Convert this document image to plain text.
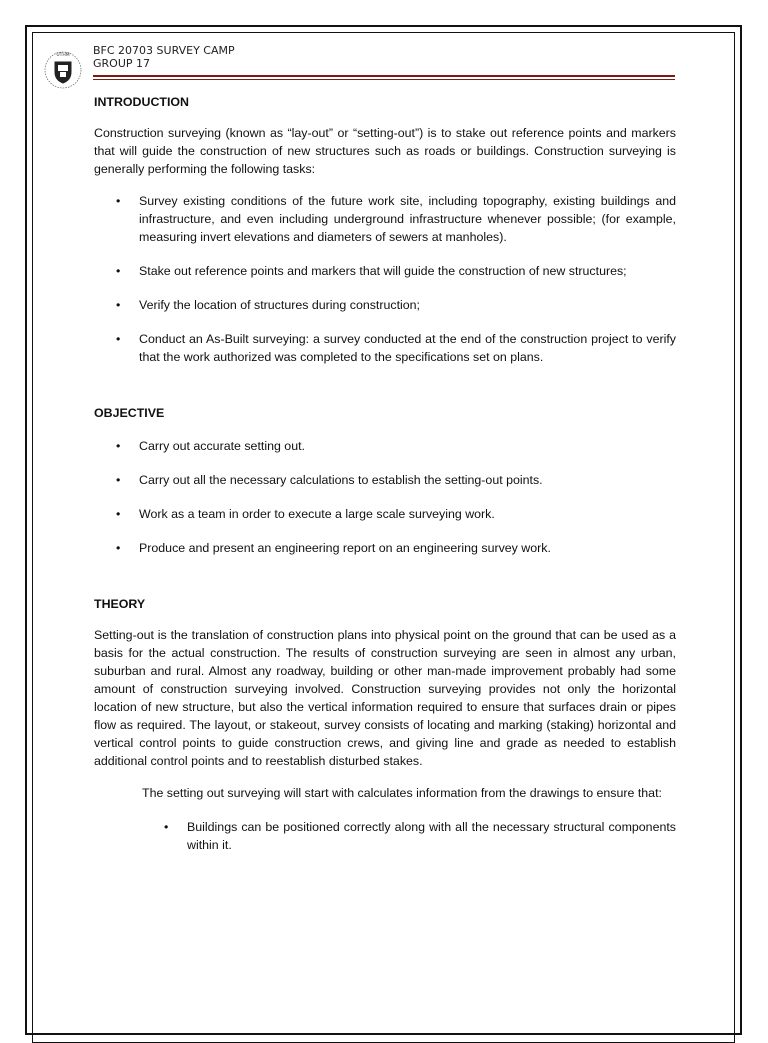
UTHM BFC 20703 SURVEY CAMP
GROUP 17
INTRODUCTION

Construction surveying (known as “lay-out” or “setting-out”) is to stake out reference points and markers that will guide the construction of new structures such as roads or buildings. Construction surveying is generally performing the following tasks:

• Survey existing conditions of the future work site, including topography, existing buildings and infrastructure, and even including underground infrastructure whenever possible; (for example, measuring invert elevations and diameters of sewers at manholes).
• Stake out reference points and markers that will guide the construction of new structures;
• Verify the location of structures during construction;
• Conduct an As-Built surveying: a survey conducted at the end of the construction project to verify that the work authorized was completed to the specifications set on plans.
OBJECTIVE
• Carry out accurate setting out.
• Carry out all the necessary calculations to establish the setting-out points.
• Work as a team in order to execute a large scale surveying work.
• Produce and present an engineering report on an engineering survey work.
THEORY

Setting-out is the translation of construction plans into physical point on the ground that can be used as a basis for the actual construction. The results of construction surveying are seen in almost any urban, suburban and rural. Almost any roadway, building or other man-made improvement probably had some amount of construction surveying involved. Construction surveying provides not only the horizontal location of new structure, but also the vertical information required to ensure that surfaces drain or pipes flow as required. The layout, or stakeout, survey consists of locating and marking (staking) horizontal and vertical control points to guide construction crews, and giving line and grade as needed to establish additional control points and to reestablish disturbed stakes.

The setting out surveying will start with calculates information from the drawings to ensure that:

• Buildings can be positioned correctly along with all the necessary structural components within it.
